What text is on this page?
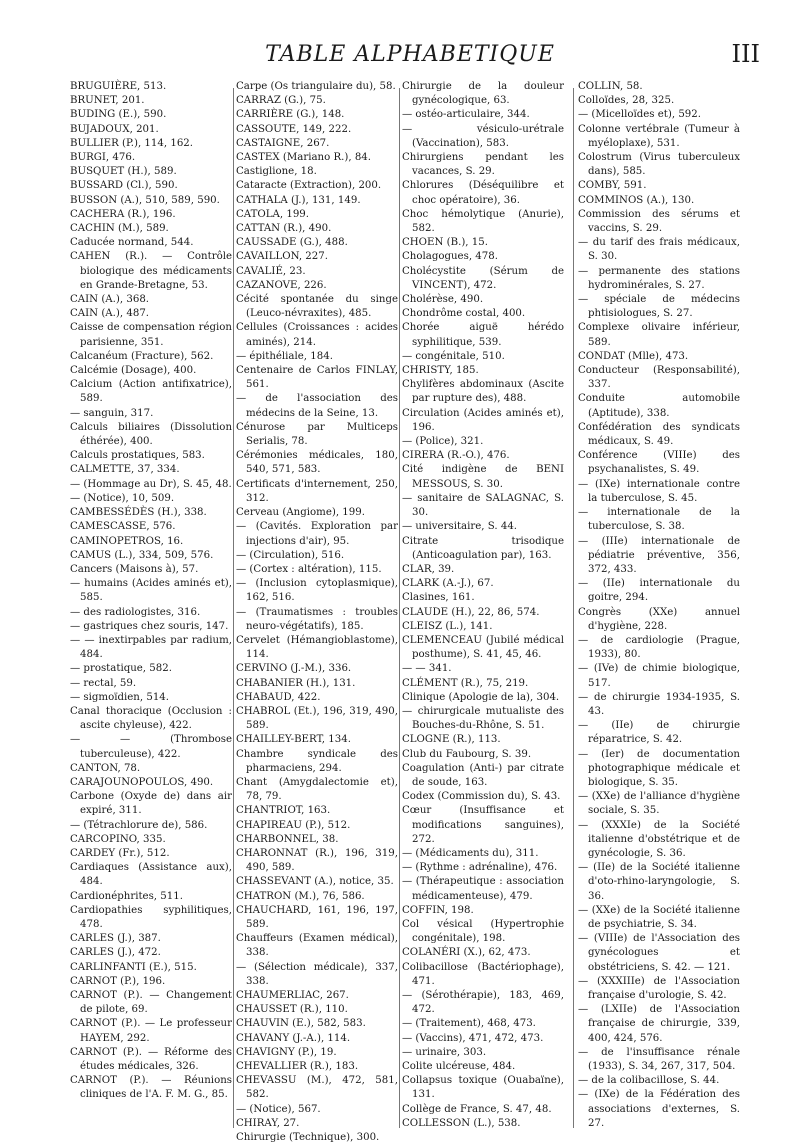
TABLE ALPHABETIQUE	III
BRUGUIÈRE, 513.
BRUNET, 201.
BUDING (E.), 590.
BUJADOUX, 201.
BULLIER (P.), 114, 162.
BURGI, 476.
BUSQUET (H.), 589.
BUSSARD (Cl.), 590.
BUSSON (A.), 510, 589, 590.
CACHERA (R.), 196.
CACHIN (M.), 589.
Caducée normand, 544.
CAHEN (R.). — Contrôle biologique des médicaments en Grande-Bretagne, 53.
CAIN (A.), 368.
CAIN (A.), 487.
Caisse de compensation région parisienne, 351.
Calcanéum (Fracture), 562.
Calcémie (Dosage), 400.
Calcium (Action antifixatrice), 589.
— sanguin, 317.
Calculs biliaires (Dissolution éthérée), 400.
Calculs prostatiques, 583.
CALMETTE, 37, 334.
— (Hommage au Dr), S. 45, 48.
— (Notice), 10, 509.
CAMBESSÉDÈS (H.), 338.
CAMESCASSE, 576.
CAMINOPETROS, 16.
CAMUS (L.), 334, 509, 576.
Cancers (Maisons à), 57.
— humains (Acides aminés et), 585.
— des radiologistes, 316.
— gastriques chez souris, 147.
— — inextirpables par radium, 484.
— prostatique, 582.
— rectal, 59.
— sigmoïdien, 514.
Canal thoracique (Occlusion : ascite chyleuse), 422.
— — (Thrombose tuberculeuse), 422.
CANTON, 78.
CARAJOUNOPOULOS, 490.
Carbone (Oxyde de) dans air expiré, 311.
— (Tétrachlorure de), 586.
CARCOPINO, 335.
CARDEY (Fr.), 512.
Cardiaques (Assistance aux), 484.
Cardionéphrites, 511.
Cardiopathies syphilitiques, 478.
CARLES (J.), 387.
CARLES (J.), 472.
CARLINFANTI (E.), 515.
CARNOT (P.), 196.
CARNOT (P.). — Changement de pilote, 69.
CARNOT (P.). — Le professeur HAYEM, 292.
CARNOT (P.). — Réforme des études médicales, 326.
CARNOT (P.). — Réunions cliniques de l'A. F. M. G., 85.
Carpe (Os triangulaire du), 58.
CARRAZ (G.), 75.
CARRIÈRE (G.), 148.
CASSOUTE, 149, 222.
CASTAIGNE, 267.
CASTEX (Mariano R.), 84.
Castiglione, 18.
Cataracte (Extraction), 200.
CATHALA (J.), 131, 149.
CATOLA, 199.
CATTAN (R.), 490.
CAUSSADE (G.), 488.
CAVAILLON, 227.
CAVALIÉ, 23.
CAZANOVE, 226.
Cécité spontanée du singe (Leuco-névraxites), 485.
Cellules (Croissances : acides aminés), 214.
— épithéliale, 184.
Centenaire de Carlos FINLAY, 561.
— de l'association des médecins de la Seine, 13.
Cénurose par Multiceps Serialis, 78.
Cérémonies médicales, 180, 540, 571, 583.
Certificats d'internement, 250, 312.
Cerveau (Angiome), 199.
— (Cavités. Exploration par injections d'air), 95.
— (Circulation), 516.
— (Cortex : altération), 115.
— (Inclusion cytoplasmique), 162, 516.
— (Traumatismes : troubles neuro-végétatifs), 185.
Cervelet (Hémangioblastome), 114.
CERVINO (J.-M.), 336.
CHABANIER (H.), 131.
CHABAUD, 422.
CHABROL (Et.), 196, 319, 490, 589.
CHAILLEY-BERT, 134.
Chambre syndicale des pharmaciens, 294.
Chant (Amygdalectomie et), 78, 79.
CHANTRIOT, 163.
CHAPIREAU (P.), 512.
CHARBONNEL, 38.
CHARONNAT (R.), 196, 319, 490, 589.
CHASSEVANT (A.), notice, 35.
CHATRON (M.), 76, 586.
CHAUCHARD, 161, 196, 197, 589.
Chauffeurs (Examen médical), 338.
— (Sélection médicale), 337, 338.
CHAUMERLIAC, 267.
CHAUSSET (R.), 110.
CHAUVIN (E.), 582, 583.
CHAVANY (J.-A.), 114.
CHAVIGNY (P.), 19.
CHEVALLIER (R.), 183.
CHEVASSU (M.), 472, 581, 582.
— (Notice), 567.
CHIRAY, 27.
Chirurgie (Technique), 300.
Chirurgie de la douleur gynécologique, 63.
— ostéo-articulaire, 344.
— vésiculo-urétrale (Vaccination), 583.
Chirurgiens pendant les vacances, S. 29.
Chlorures (Déséquilibre et choc opératoire), 36.
Choc hémolytique (Anurie), 582.
CHOEN (B.), 15.
Cholagogues, 478.
Cholécystite (Sérum de VINCENT), 472.
Cholérèse, 490.
Chondrôme costal, 400.
Chorée aiguë hérédo syphilitique, 539.
— congénitale, 510.
CHRISTY, 185.
Chylifères abdominaux (Ascite par rupture des), 488.
Circulation (Acides aminés et), 196.
— (Police), 321.
CIRERA (R.-O.), 476.
Cité indigène de BENI MESSOUS, S. 30.
— sanitaire de SALAGNAC, S. 30.
— universitaire, S. 44.
Citrate trisodique (Anticoagulation par), 163.
CLAR, 39.
CLARK (A.-J.), 67.
Clasines, 161.
CLAUDE (H.), 22, 86, 574.
CLEISZ (L.), 141.
CLEMENCEAU (Jubilé médical posthume), S. 41, 45, 46.
— — 341.
CLÉMENT (R.), 75, 219.
Clinique (Apologie de la), 304.
— chirurgicale mutualiste des Bouches-du-Rhône, S. 51.
CLOGNE (R.), 113.
Club du Faubourg, S. 39.
Coagulation (Anti-) par citrate de soude, 163.
Codex (Commission du), S. 43.
Cœur (Insuffisance et modifications sanguines), 272.
— (Médicaments du), 311.
— (Rythme : adrénaline), 476.
— (Thérapeutique : association médicamenteuse), 479.
COFFIN, 198.
Col vésical (Hypertrophie congénitale), 198.
COLANÉRI (X.), 62, 473.
Colibacillose (Bactériophage), 471.
— (Sérothérapie), 183, 469, 472.
— (Traitement), 468, 473.
— (Vaccins), 471, 472, 473.
— urinaire, 303.
Colite ulcéreuse, 484.
Collapsus toxique (Ouabaïne), 131.
Collège de France, S. 47, 48.
COLLESSON (L.), 538.
COLLIN, 58.
Colloïdes, 28, 325.
— (Micelloïdes et), 592.
Colonne vertébrale (Tumeur à myéloplaxe), 531.
Colostrum (Virus tuberculeux dans), 585.
COMBY, 591.
COMMINOS (A.), 130.
Commission des sérums et vaccins, S. 29.
— du tarif des frais médicaux, S. 30.
— permanente des stations hydrominérales, S. 27.
— spéciale de médecins phtisiologues, S. 27.
Complexe olivaire inférieur, 589.
CONDAT (Mlle), 473.
Conducteur (Responsabilité), 337.
Conduite automobile (Aptitude), 338.
Confédération des syndicats médicaux, S. 49.
Conférence (VIIIe) des psychanalistes, S. 49.
— (IXe) internationale contre la tuberculose, S. 45.
— internationale de la tuberculose, S. 38.
— (IIIe) internationale de pédiatrie préventive, 356, 372, 433.
— (IIe) internationale du goitre, 294.
Congrès (XXe) annuel d'hygiène, 228.
— de cardiologie (Prague, 1933), 80.
— (IVe) de chimie biologique, 517.
— de chirurgie 1934-1935, S. 43.
— (IIe) de chirurgie réparatrice, S. 42.
— (Ier) de documentation photographique médicale et biologique, S. 35.
— (XXe) de l'alliance d'hygiène sociale, S. 35.
— (XXXIe) de la Société italienne d'obstétrique et de gynécologie, S. 36.
— (IIe) de la Société italienne d'oto-rhino-laryngologie, S. 36.
— (XXe) de la Société italienne de psychiatrie, S. 34.
— (VIIIe) de l'Association des gynécologues et obstétriciens, S. 42. — 121.
— (XXXIIIe) de l'Association française d'urologie, S. 42.
— (LXIIe) de l'Association française de chirurgie, 339, 400, 424, 576.
— de l'insuffisance rénale (1933), S. 34, 267, 317, 504.
— de la colibacillose, S. 44.
— (IXe) de la Fédération des associations d'externes, S. 27.
